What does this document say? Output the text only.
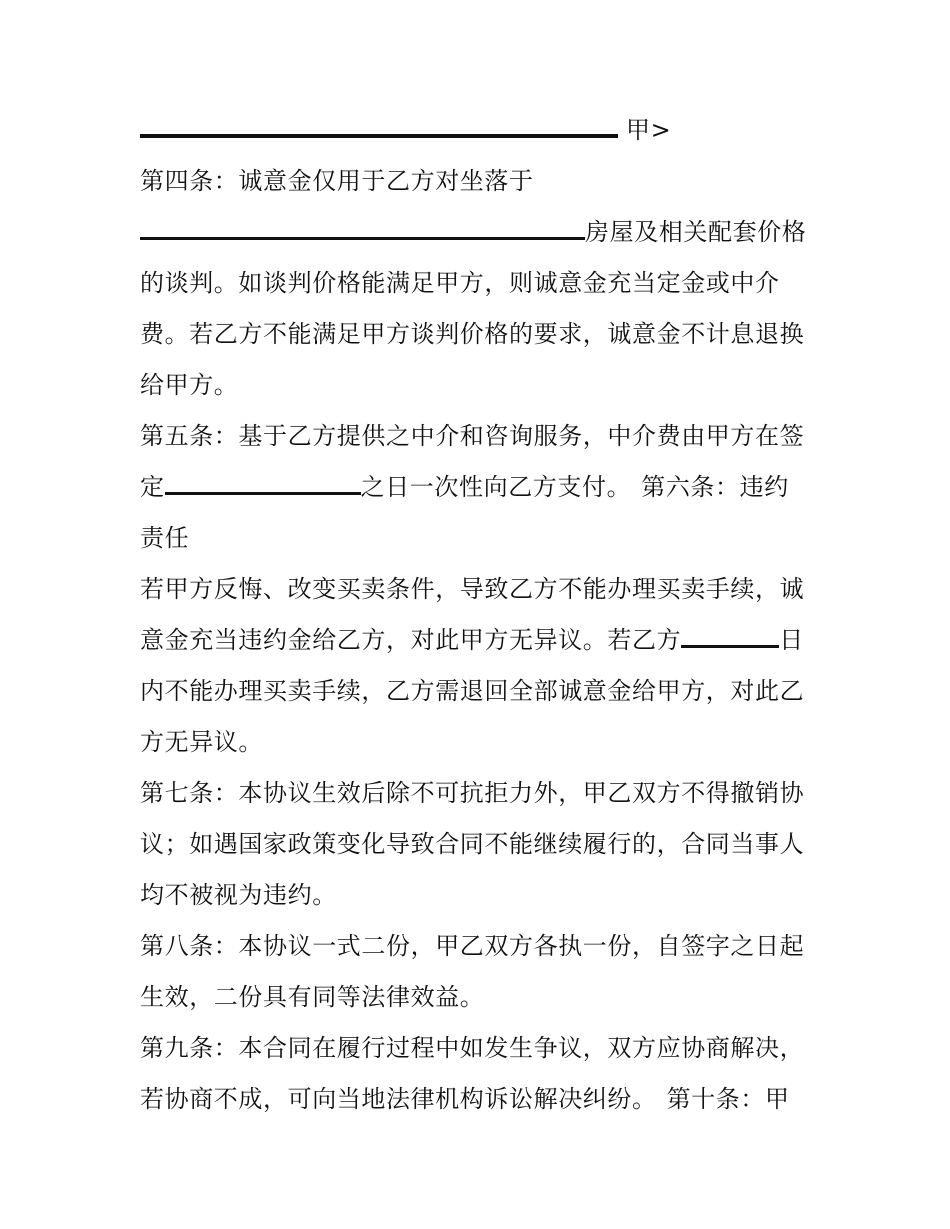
甲>
第四条：诚意金仅用于乙方对坐落于
房屋及相关配套价格
的谈判。如谈判价格能满足甲方，则诚意金充当定金或中介
费。若乙方不能满足甲方谈判价格的要求，诚意金不计息退换
给甲方。
第五条：基于乙方提供之中介和咨询服务，中介费由甲方在签
定	之日一次性向乙方支付。 第六条：违约
责任
若甲方反悔、改变买卖条件，导致乙方不能办理买卖手续，诚
意金充当违约金给乙方，对此甲方无异议。若乙方	日
内不能办理买卖手续，乙方需退回全部诚意金给甲方，对此乙
方无异议。
第七条：本协议生效后除不可抗拒力外，甲乙双方不得撤销协
议；如遇国家政策变化导致合同不能继续履行的，合同当事人
均不被视为违约。
第八条：本协议一式二份，甲乙双方各执一份，自签字之日起
生效，二份具有同等法律效益。
第九条：本合同在履行过程中如发生争议，双方应协商解决，
若协商不成，可向当地法律机构诉讼解决纠纷。 第十条：甲
